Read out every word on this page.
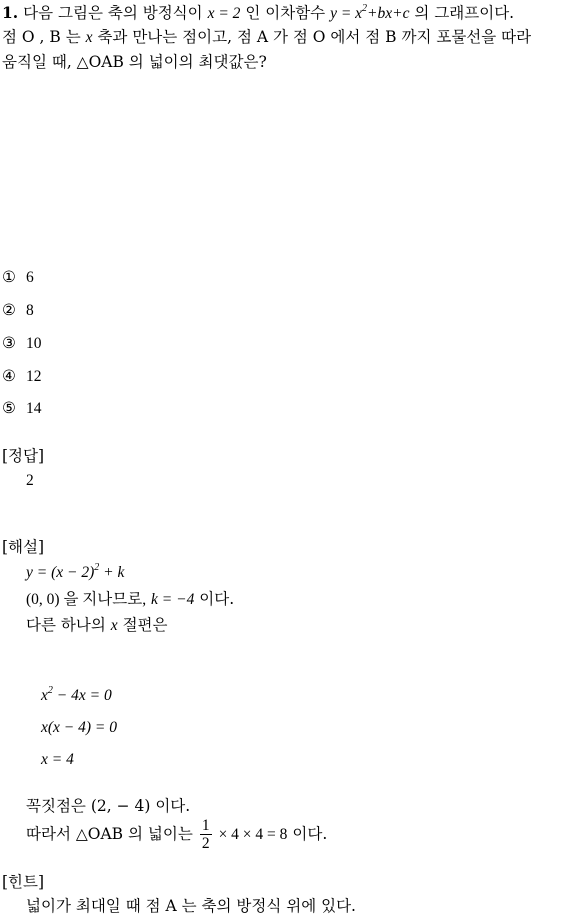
1. 다음 그림은 축의 방정식이 x = 2 인 이차함수 $y = x^2+bx+c$ 의 그래프이다.
점 O , B 는 x 축과 만나는 점이고, 점 A 가 점 O 에서 점 B 까지 포물선을 따라
움직일 때, △OAB 의 넓이의 최댓값은?
① 6
② 8
③ 10
④ 12
⑤ 14
[정답]
2
[해설]
$y = (x - 2)^2 + k$
(0, 0) 을 지나므로, k = −4 이다.
다른 하나의 x 절편은
$x^2 - 4x = 0$
x(x − 4) = 0
x = 4
꼭짓점은 (2, − 4) 이다.
따라서 △OAB 의 넓이는 $\frac{1}{2} \times 4 \times 4 = 8$ 이다.
[힌트]
넓이가 최대일 때 점 A 는 축의 방정식 위에 있다.
